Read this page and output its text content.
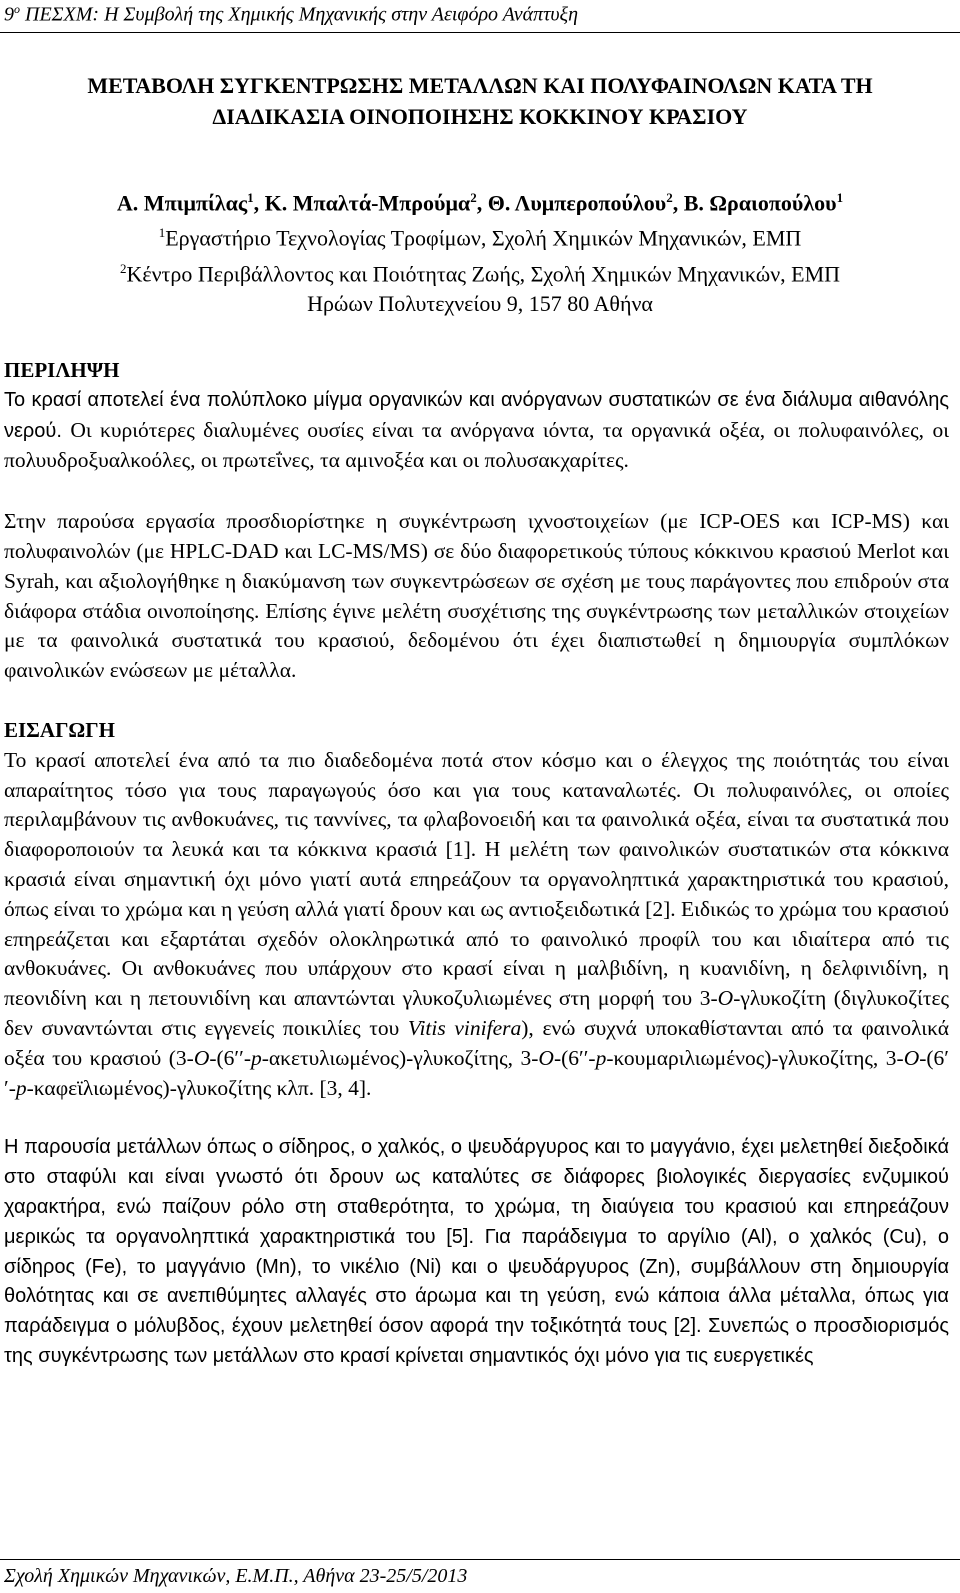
$9^o$ ΠΕΣΧΜ: Η Συμβολή της Χημικής Μηχανικής στην Αειφόρο Ανάπτυξη
ΜΕΤΑΒΟΛΗ ΣΥΓΚΕΝΤΡΩΣΗΣ ΜΕΤΑΛΛΩΝ ΚΑΙ ΠΟΛΥΦΑΙΝΟΛΩΝ ΚΑΤΑ ΤΗ
ΔΙΑΔΙΚΑΣΙΑ ΟΙΝΟΠΟΙΗΣΗΣ ΚΟΚΚΙΝΟΥ ΚΡΑΣΙΟΥ
Α. Μπιμπίλας$^1$, Κ. Μπαλτά-Μπρούμα$^2$, Θ. Λυμπεροπούλου$^2$, Β. Ωραιοπούλου$^1$
$^1$Εργαστήριο Τεχνολογίας Τροφίμων, Σχολή Χημικών Μηχανικών, ΕΜΠ
$^2$Κέντρο Περιβάλλοντος και Ποιότητας Ζωής, Σχολή Χημικών Μηχανικών, ΕΜΠ
Ηρώων Πολυτεχνείου 9, 157 80 Αθήνα
ΠΕΡΙΛΗΨΗ

Το κρασί αποτελεί ένα πολύπλοκο μίγμα οργανικών και ανόργανων συστατικών σε ένα διάλυμα αιθανόλης νερού. Οι κυριότερες διαλυμένες ουσίες είναι τα ανόργανα ιόντα, τα οργανικά οξέα, οι πολυφαινόλες, οι πολυυδροξυαλκοόλες, οι πρωτεΐνες, τα αμινοξέα και οι πολυσακχαρίτες.

Στην παρούσα εργασία προσδιορίστηκε η συγκέντρωση ιχνοστοιχείων (με ICP-OES και ICP-MS) και πολυφαινολών (με HPLC-DAD και LC-MS/MS) σε δύο διαφορετικούς τύπους κόκκινου κρασιού Merlot και Syrah, και αξιολογήθηκε η διακύμανση των συγκεντρώσεων σε σχέση με τους παράγοντες που επιδρούν στα διάφορα στάδια οινοποίησης. Επίσης έγινε μελέτη συσχέτισης της συγκέντρωσης των μεταλλικών στοιχείων με τα φαινολικά συστατικά του κρασιού, δεδομένου ότι έχει διαπιστωθεί η δημιουργία συμπλόκων φαινολικών ενώσεων με μέταλλα.

ΕΙΣΑΓΩΓΗ

Το κρασί αποτελεί ένα από τα πιο διαδεδομένα ποτά στον κόσμο και ο έλεγχος της ποιότητάς του είναι απαραίτητος τόσο για τους παραγωγούς όσο και για τους καταναλωτές. Οι πολυφαινόλες, οι οποίες περιλαμβάνουν τις ανθοκυάνες, τις ταννίνες, τα φλαβονοειδή και τα φαινολικά οξέα, είναι τα συστατικά που διαφοροποιούν τα λευκά και τα κόκκινα κρασιά [1]. Η μελέτη των φαινολικών συστατικών στα κόκκινα κρασιά είναι σημαντική όχι μόνο γιατί αυτά επηρεάζουν τα οργανοληπτικά χαρακτηριστικά του κρασιού, όπως είναι το χρώμα και η γεύση αλλά γιατί δρουν και ως αντιοξειδωτικά [2]. Ειδικώς το χρώμα του κρασιού επηρεάζεται και εξαρτάται σχεδόν ολοκληρωτικά από το φαινολικό προφίλ του και ιδιαίτερα από τις ανθοκυάνες. Οι ανθοκυάνες που υπάρχουν στο κρασί είναι η μαλβιδίνη, η κυανιδίνη, η δελφινιδίνη, η πεονιδίνη και η πετουνιδίνη και απαντώνται γλυκοζυλιωμένες στη μορφή του 3-O-γλυκοζίτη (διγλυκοζίτες δεν συναντώνται στις εγγενείς ποικιλίες του Vitis vinifera), ενώ συχνά υποκαθίστανται από τα φαινολικά οξέα του κρασιού (3-O-(6′′-p-ακετυλιωμένος)-γλυκοζίτης, 3-O-(6′′-p-κουμαριλιωμένος)-γλυκοζίτης, 3-O-(6′′-p-καφεϊλιωμένος)-γλυκοζίτης κλπ. [3, 4].

Η παρουσία μετάλλων όπως ο σίδηρος, ο χαλκός, ο ψευδάργυρος και το μαγγάνιο, έχει μελετηθεί διεξοδικά στο σταφύλι και είναι γνωστό ότι δρουν ως καταλύτες σε διάφορες βιολογικές διεργασίες ενζυμικού χαρακτήρα, ενώ παίζουν ρόλο στη σταθερότητα, το χρώμα, τη διαύγεια του κρασιού και επηρεάζουν μερικώς τα οργανοληπτικά χαρακτηριστικά του [5]. Για παράδειγμα το αργίλιο (Al), ο χαλκός (Cu), ο σίδηρος (Fe), το μαγγάνιο (Mn), το νικέλιο (Ni) και ο ψευδάργυρος (Zn), συμβάλλουν στη δημιουργία θολότητας και σε ανεπιθύμητες αλλαγές στο άρωμα και τη γεύση, ενώ κάποια άλλα μέταλλα, όπως για παράδειγμα ο μόλυβδος, έχουν μελετηθεί όσον αφορά την τοξικότητά τους [2]. Συνεπώς ο προσδιορισμός της συγκέντρωσης των μετάλλων στο κρασί κρίνεται σημαντικός όχι μόνο για τις ευεργετικές

Σχολή Χημικών Μηχανικών, Ε.Μ.Π., Αθήνα 23-25/5/2013
